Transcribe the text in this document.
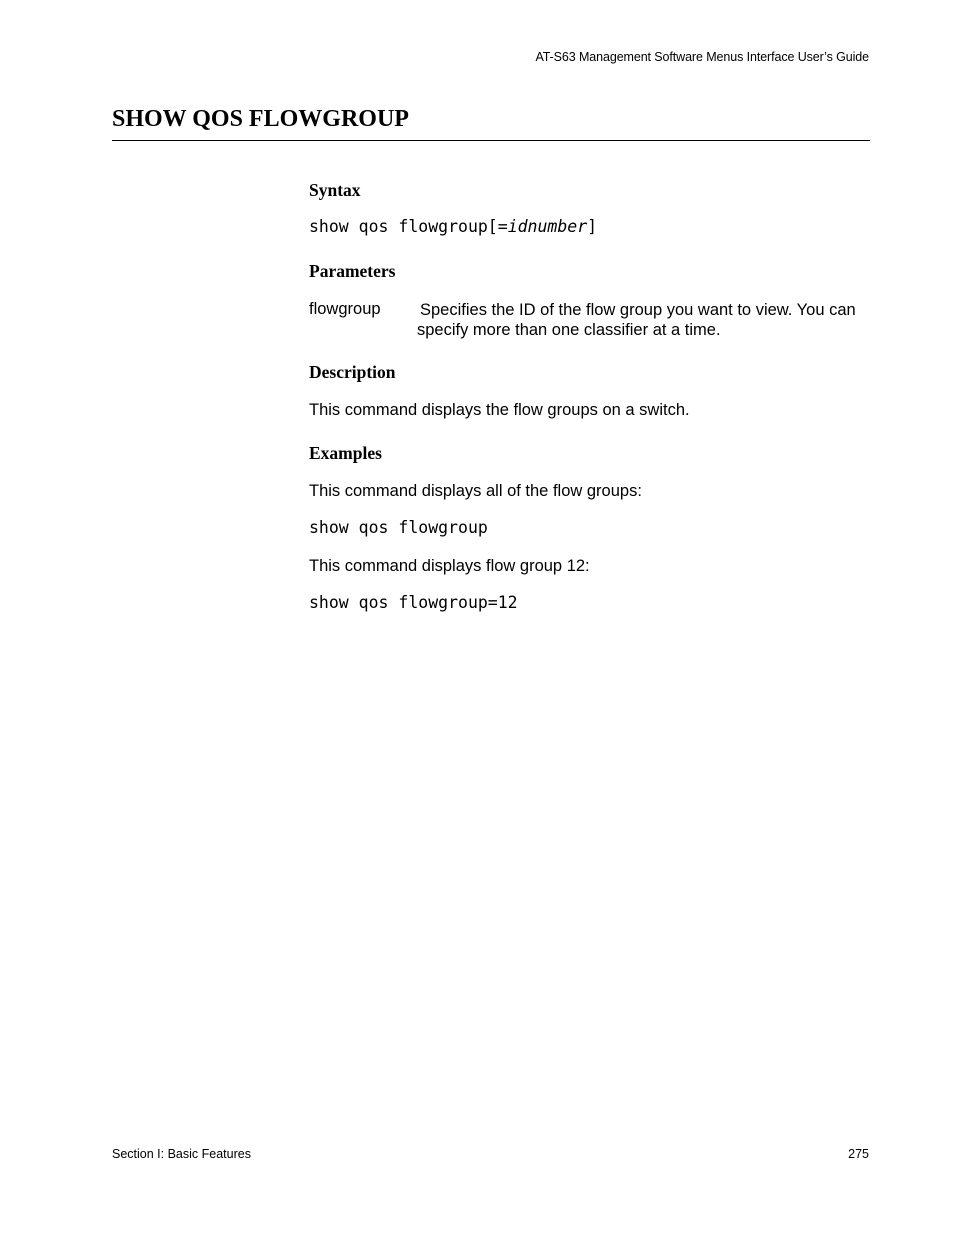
AT-S63 Management Software Menus Interface User’s Guide
SHOW QOS FLOWGROUP
Syntax
show qos flowgroup[=idnumber]
Parameters
flowgroup Specifies the ID of the flow group you want to view. You can specify more than one classifier at a time.
Description

This command displays the flow groups on a switch.

Examples

This command displays all of the flow groups:

show qos flowgroup

This command displays flow group 12:

show qos flowgroup=12
Section I: Basic Features	275
